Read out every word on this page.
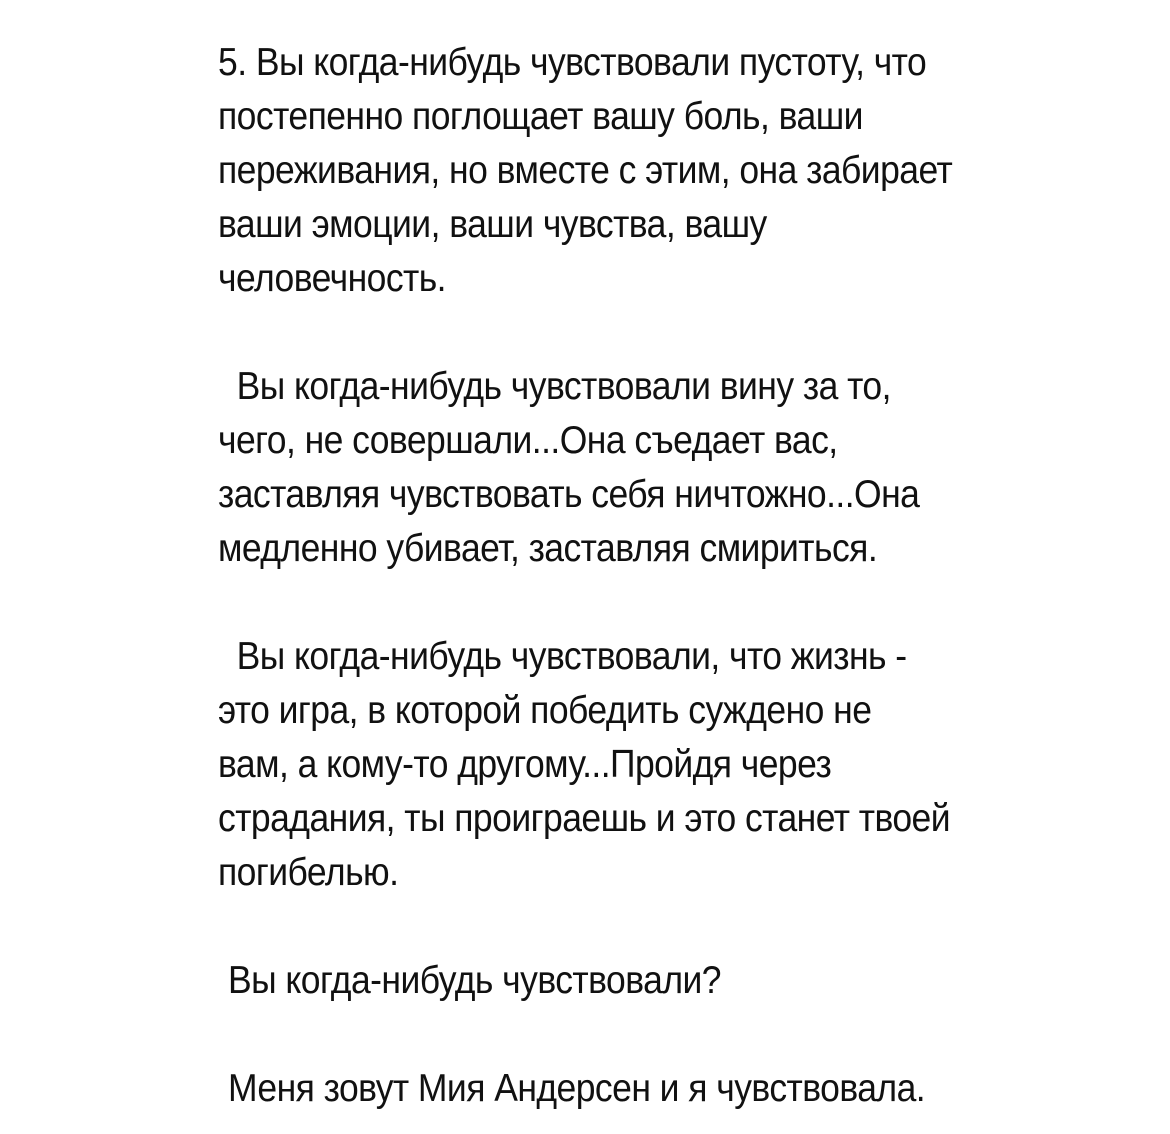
5. Вы когда-нибудь чувствовали пустоту, что

постепенно поглощает вашу боль, ваши

переживания, но вместе с этим, она забирает

ваши эмоции, ваши чувства, вашу

человечность.

Вы когда-нибудь чувствовали вину за то,

чего, не совершали...Она съедает вас,

заставляя чувствовать себя ничтожно...Она

медленно убивает, заставляя смириться.

Вы когда-нибудь чувствовали, что жизнь -

это игра, в которой победить суждено не

вам, а кому-то другому...Пройдя через

страдания, ты проиграешь и это станет твоей

погибелью.

Вы когда-нибудь чувствовали?

Меня зовут Мия Андерсен и я чувствовала.
